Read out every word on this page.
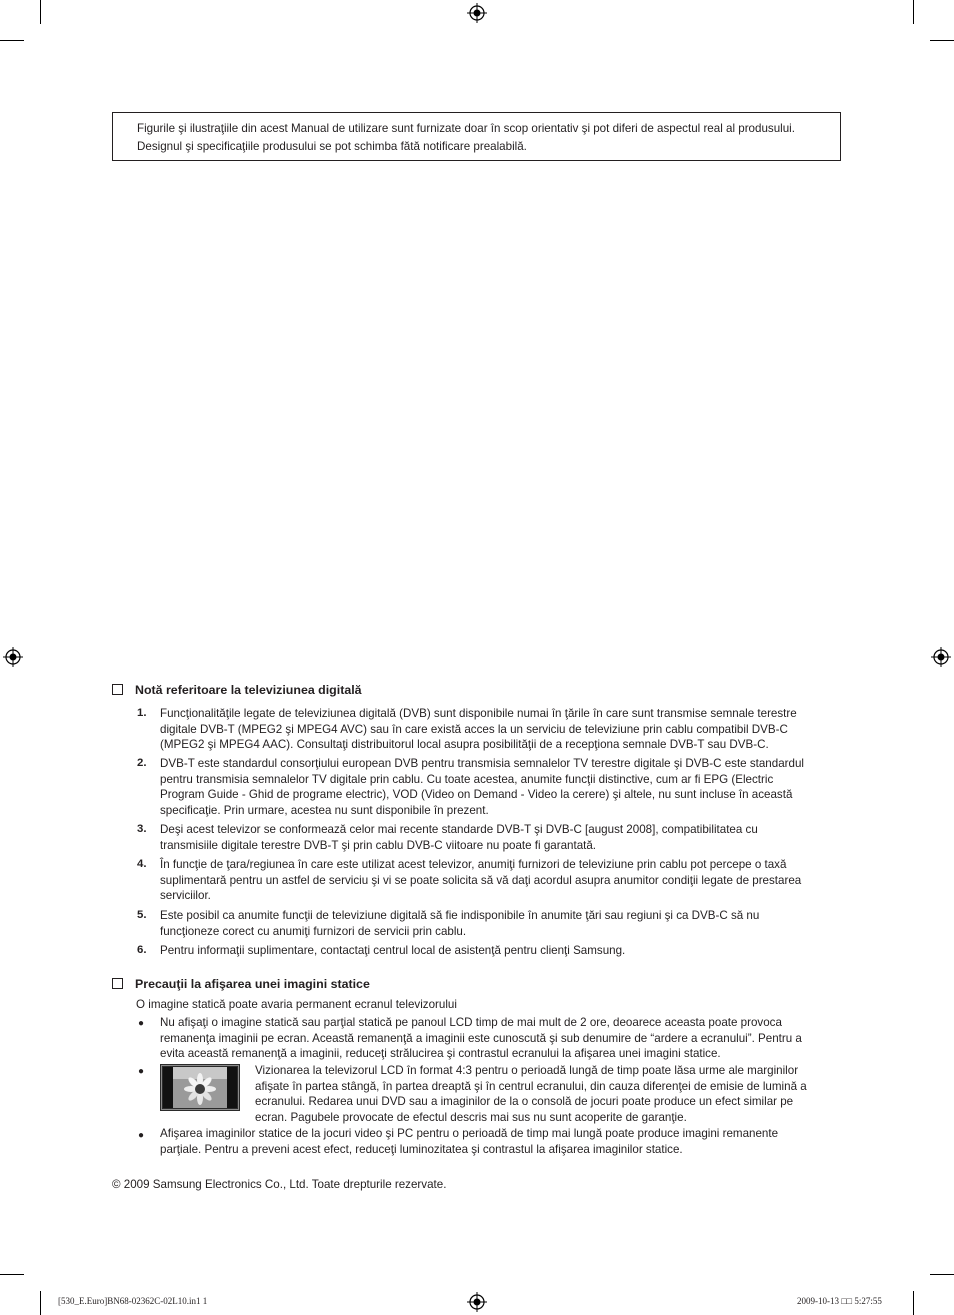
Figurile şi ilustraţiile din acest Manual de utilizare sunt furnizate doar în scop orientativ şi pot diferi de aspectul real al produsului.

Designul şi specificaţiile produsului se pot schimba fătă notificare prealabilă.

Notă referitoare la televiziunea digitală
1. Funcţionalităţile legate de televiziunea digitală (DVB) sunt disponibile numai în ţările în care sunt transmise semnale terestre
digitale DVB-T (MPEG2 şi MPEG4 AVC) sau în care există acces la un serviciu de televiziune prin cablu compatibil DVB-C
(MPEG2 şi MPEG4 AAC). Consultaţi distribuitorul local asupra posibilităţii de a recepţiona semnale DVB-T sau DVB-C.
2. DVB-T este standardul consorţiului european DVB pentru transmisia semnalelor TV terestre digitale şi DVB-C este standardul
pentru transmisia semnalelor TV digitale prin cablu. Cu toate acestea, anumite funcţii distinctive, cum ar fi EPG (Electric
Program Guide - Ghid de programe electric), VOD (Video on Demand - Video la cerere) şi altele, nu sunt incluse în această
specificaţie. Prin urmare, acestea nu sunt disponibile în prezent.
3. Deşi acest televizor se conformează celor mai recente standarde DVB-T şi DVB-C [august 2008], compatibilitatea cu
transmisiile digitale terestre DVB-T şi prin cablu DVB-C viitoare nu poate fi garantată.
4. În funcţie de ţara/regiunea în care este utilizat acest televizor, anumiţi furnizori de televiziune prin cablu pot percepe o taxă
suplimentară pentru un astfel de serviciu şi vi se poate solicita să vă daţi acordul asupra anumitor condiţii legate de prestarea
serviciilor.
5. Este posibil ca anumite funcţii de televiziune digitală să fie indisponibile în anumite ţări sau regiuni şi ca DVB-C să nu
funcţioneze corect cu anumiţi furnizori de servicii prin cablu.
6. Pentru informaţii suplimentare, contactaţi centrul local de asistenţă pentru clienţi Samsung.
Precauţii la afişarea unei imagini statice
O imagine statică poate avaria permanent ecranul televizorului
● Nu afişaţi o imagine statică sau parţial statică pe panoul LCD timp de mai mult de 2 ore, deoarece aceasta poate provoca
remanenţa imaginii pe ecran. Această remanenţă a imaginii este cunoscută şi sub denumire de “ardere a ecranului”. Pentru a
evita această remanenţă a imaginii, reduceţi strălucirea şi contrastul ecranului la afişarea unei imagini statice.
●	Vizionarea la televizorul LCD în format 4:3 pentru o perioadă lungă de timp poate lăsa urme ale marginilor
afişate în partea stângă, în partea dreaptă şi în centrul ecranului, din cauza diferenţei de emisie de lumină a
ecranului. Redarea unui DVD sau a imaginilor de la o consolă de jocuri poate produce un efect similar pe
ecran. Pagubele provocate de efectul descris mai sus nu sunt acoperite de garanţie.
● Afişarea imaginilor statice de la jocuri video şi PC pentru o perioadă de timp mai lungă poate produce imagini remanente
parţiale. Pentru a preveni acest efect, reduceţi luminozitatea şi contrastul la afişarea imaginilor statice.
© 2009 Samsung Electronics Co., Ltd. Toate drepturile rezervate.
[530_E.Euro]BN68-02362C-02L10.in1 1	2009-10-13 □□ 5:27:55
